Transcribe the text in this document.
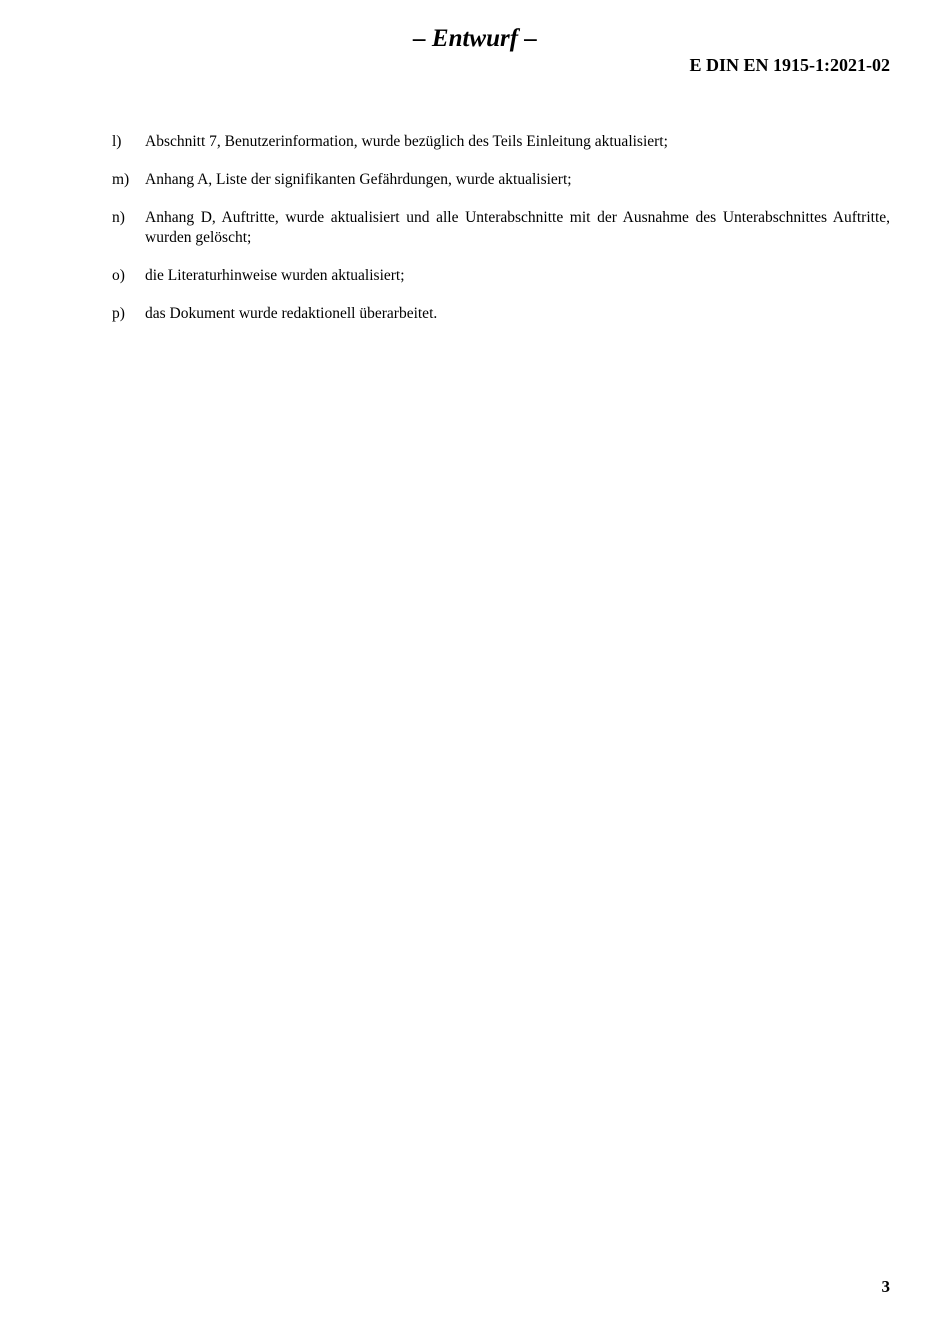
– Entwurf –
E DIN EN 1915-1:2021-02
l) Abschnitt 7, Benutzerinformation, wurde bezüglich des Teils Einleitung aktualisiert;
m) Anhang A, Liste der signifikanten Gefährdungen, wurde aktualisiert;
n) Anhang D, Auftritte, wurde aktualisiert und alle Unterabschnitte mit der Ausnahme des Unterabschnittes Auftritte, wurden gelöscht;
o) die Literaturhinweise wurden aktualisiert;
p) das Dokument wurde redaktionell überarbeitet.
3
